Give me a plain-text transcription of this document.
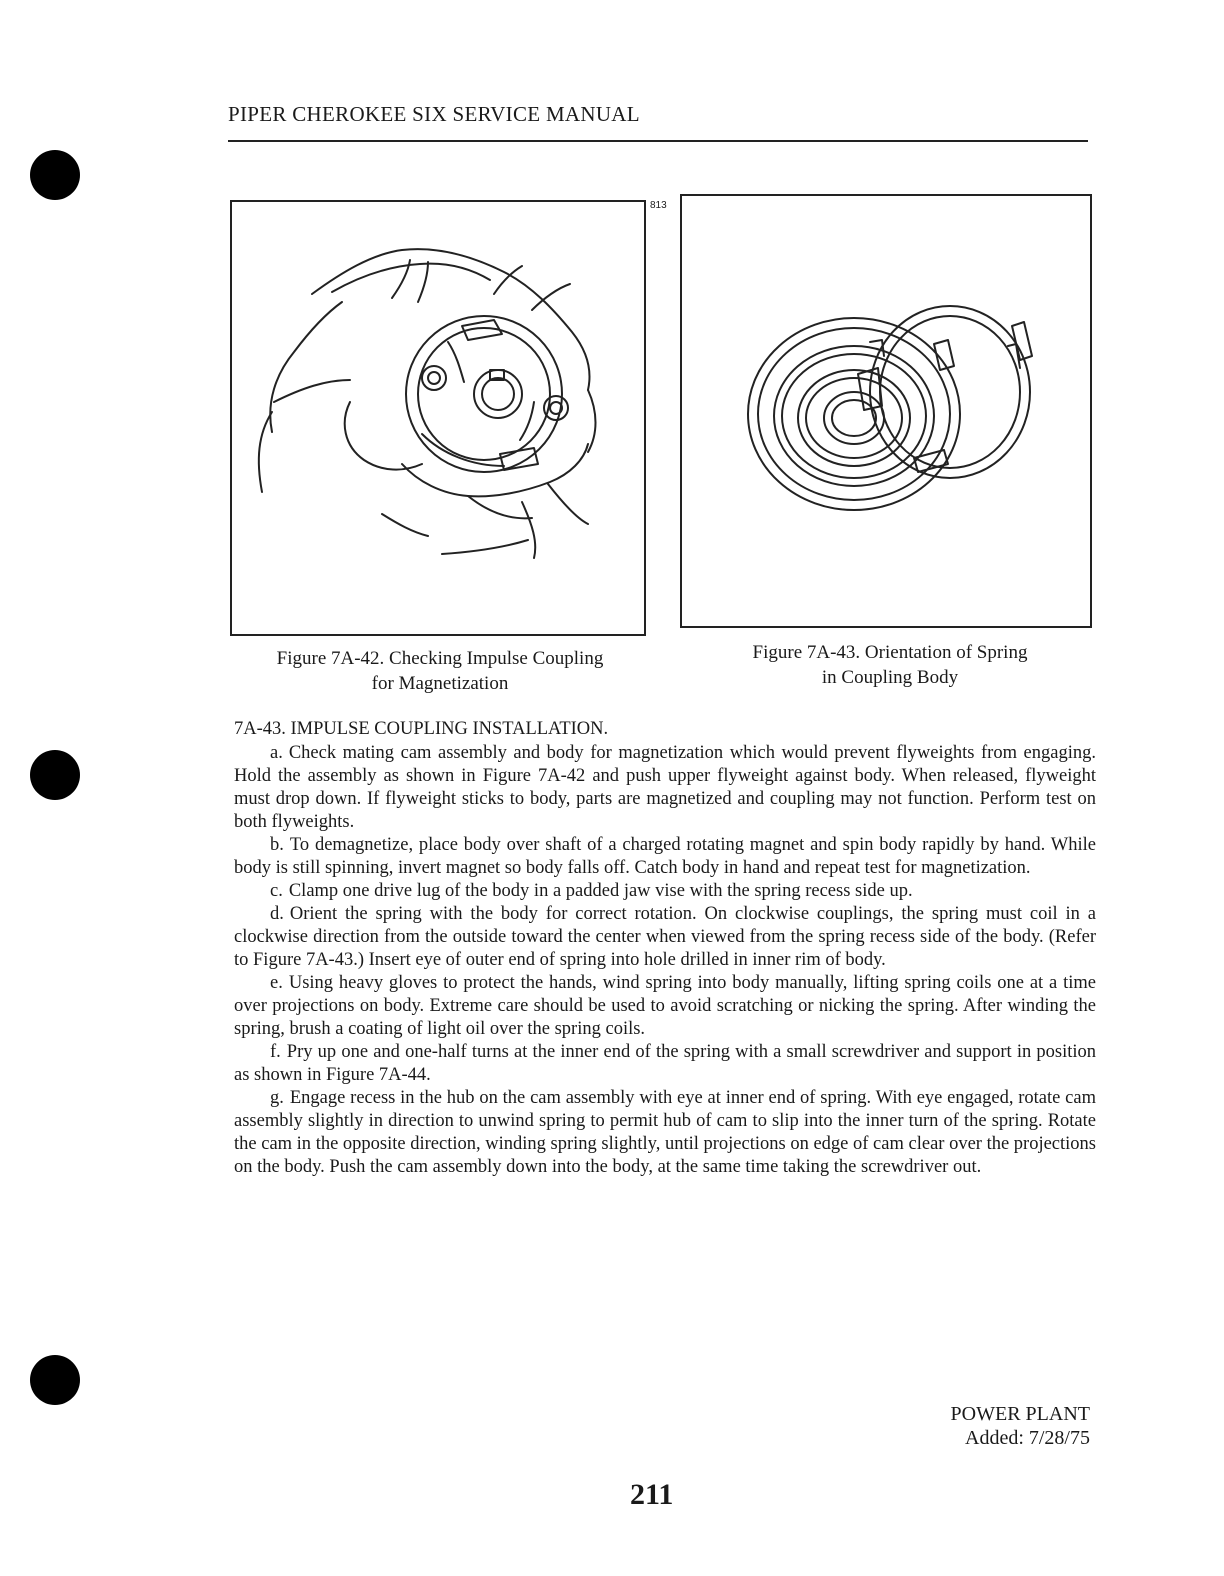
PIPER CHEROKEE SIX SERVICE MANUAL
813
Figure 7A-42. Checking Impulse Coupling
for Magnetization
Figure 7A-43. Orientation of Spring
in Coupling Body
7A-43. IMPULSE COUPLING INSTALLATION.

a. Check mating cam assembly and body for magnetization which would prevent flyweights from engaging. Hold the assembly as shown in Figure 7A-42 and push upper flyweight against body. When released, flyweight must drop down. If flyweight sticks to body, parts are magnetized and coupling may not function. Perform test on both flyweights.

b. To demagnetize, place body over shaft of a charged rotating magnet and spin body rapidly by hand. While body is still spinning, invert magnet so body falls off. Catch body in hand and repeat test for magnetization.

c. Clamp one drive lug of the body in a padded jaw vise with the spring recess side up.

d. Orient the spring with the body for correct rotation. On clockwise couplings, the spring must coil in a clockwise direction from the outside toward the center when viewed from the spring recess side of the body. (Refer to Figure 7A-43.) Insert eye of outer end of spring into hole drilled in inner rim of body.

e. Using heavy gloves to protect the hands, wind spring into body manually, lifting spring coils one at a time over projections on body. Extreme care should be used to avoid scratching or nicking the spring. After winding the spring, brush a coating of light oil over the spring coils.

f. Pry up one and one-half turns at the inner end of the spring with a small screwdriver and support in position as shown in Figure 7A-44.

g. Engage recess in the hub on the cam assembly with eye at inner end of spring. With eye engaged, rotate cam assembly slightly in direction to unwind spring to permit hub of cam to slip into the inner turn of the spring. Rotate the cam in the opposite direction, winding spring slightly, until projections on edge of cam clear over the projections on the body. Push the cam assembly down into the body, at the same time taking the screwdriver out.

POWER PLANT
Added: 7/28/75
211
